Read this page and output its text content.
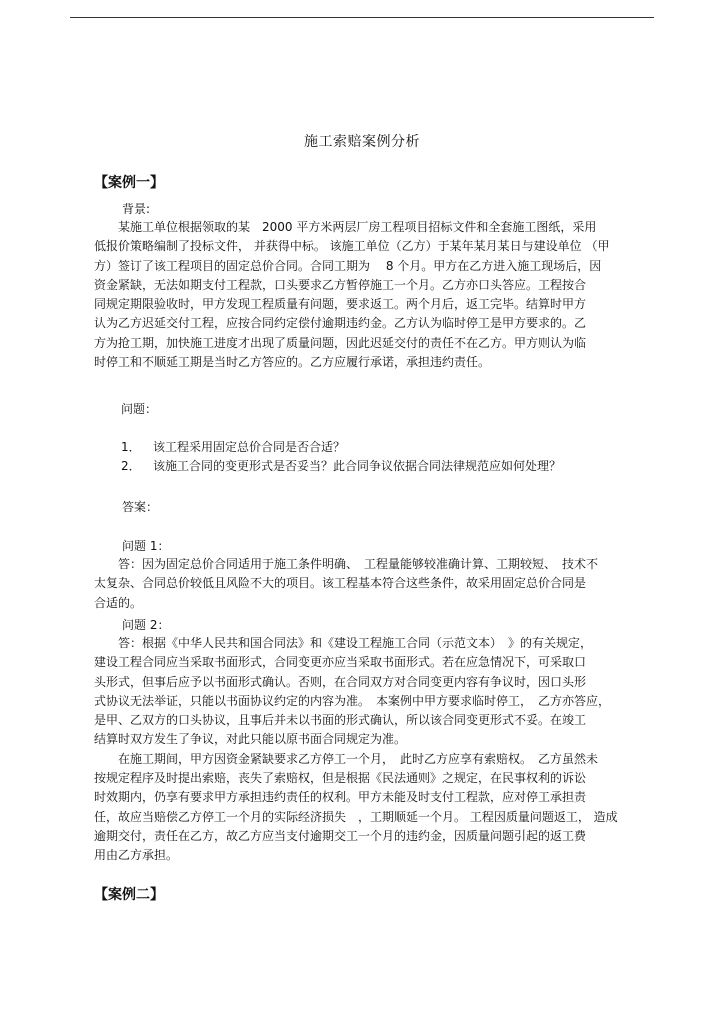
施工索赔案例分析
【案例一】
背景:
　　某施工单位根据领取的某　2000 平方米两层厂房工程项目招标文件和全套施工图纸，采用
低报价策略编制了投标文件， 并获得中标。 该施工单位（乙方）于某年某月某日与建设单位 （甲
方）签订了该工程项目的固定总价合同。合同工期为　 8 个月。甲方在乙方进入施工现场后，因
资金紧缺，无法如期支付工程款，口头要求乙方暂停施工一个月。乙方亦口头答应。工程按合
同规定期限验收时，甲方发现工程质量有问题，要求返工。两个月后，返工完毕。结算时甲方
认为乙方迟延交付工程，应按合同约定偿付逾期违约金。乙方认为临时停工是甲方要求的。乙
方为抢工期，加快施工进度才出现了质量问题，因此迟延交付的责任不在乙方。甲方则认为临
时停工和不顺延工期是当时乙方答应的。乙方应履行承诺，承担违约责任。
问题：
1．	该工程采用固定总价合同是否合适？
2．	该施工合同的变更形式是否妥当？此合同争议依据合同法律规范应如何处理？
答案：
问题 1：
　　答：因为固定总价合同适用于施工条件明确、　工程量能够较准确计算、工期较短、　技术不
太复杂、合同总价较低且风险不大的项目。该工程基本符合这些条件，故采用固定总价合同是
合适的。
问题 2：
　　答：根据《中华人民共和国合同法》和《建设工程施工合同（示范文本）　》的有关规定，
建设工程合同应当采取书面形式，合同变更亦应当采取书面形式。若在应急情况下，可采取口
头形式，但事后应予以书面形式确认。否则，在合同双方对合同变更内容有争议时，因口头形
式协议无法举证，只能以书面协议约定的内容为准。　本案例中甲方要求临时停工，　乙方亦答应，
是甲、乙双方的口头协议，且事后并未以书面的形式确认，所以该合同变更形式不妥。在竣工
结算时双方发生了争议，对此只能以原书面合同规定为准。
　　在施工期间，甲方因资金紧缺要求乙方停工一个月，　此时乙方应享有索赔权。　乙方虽然未
按规定程序及时提出索赔，丧失了索赔权，但是根据《民法通则》之规定，在民事权利的诉讼
时效期内，仍享有要求甲方承担违约责任的权利。甲方未能及时支付工程款，应对停工承担责
任，故应当赔偿乙方停工一个月的实际经济损失　，工期顺延一个月。 工程因质量问题返工， 造成
逾期交付，责任在乙方，故乙方应当支付逾期交工一个月的违约金，因质量问题引起的返工费
用由乙方承担。
【案例二】
